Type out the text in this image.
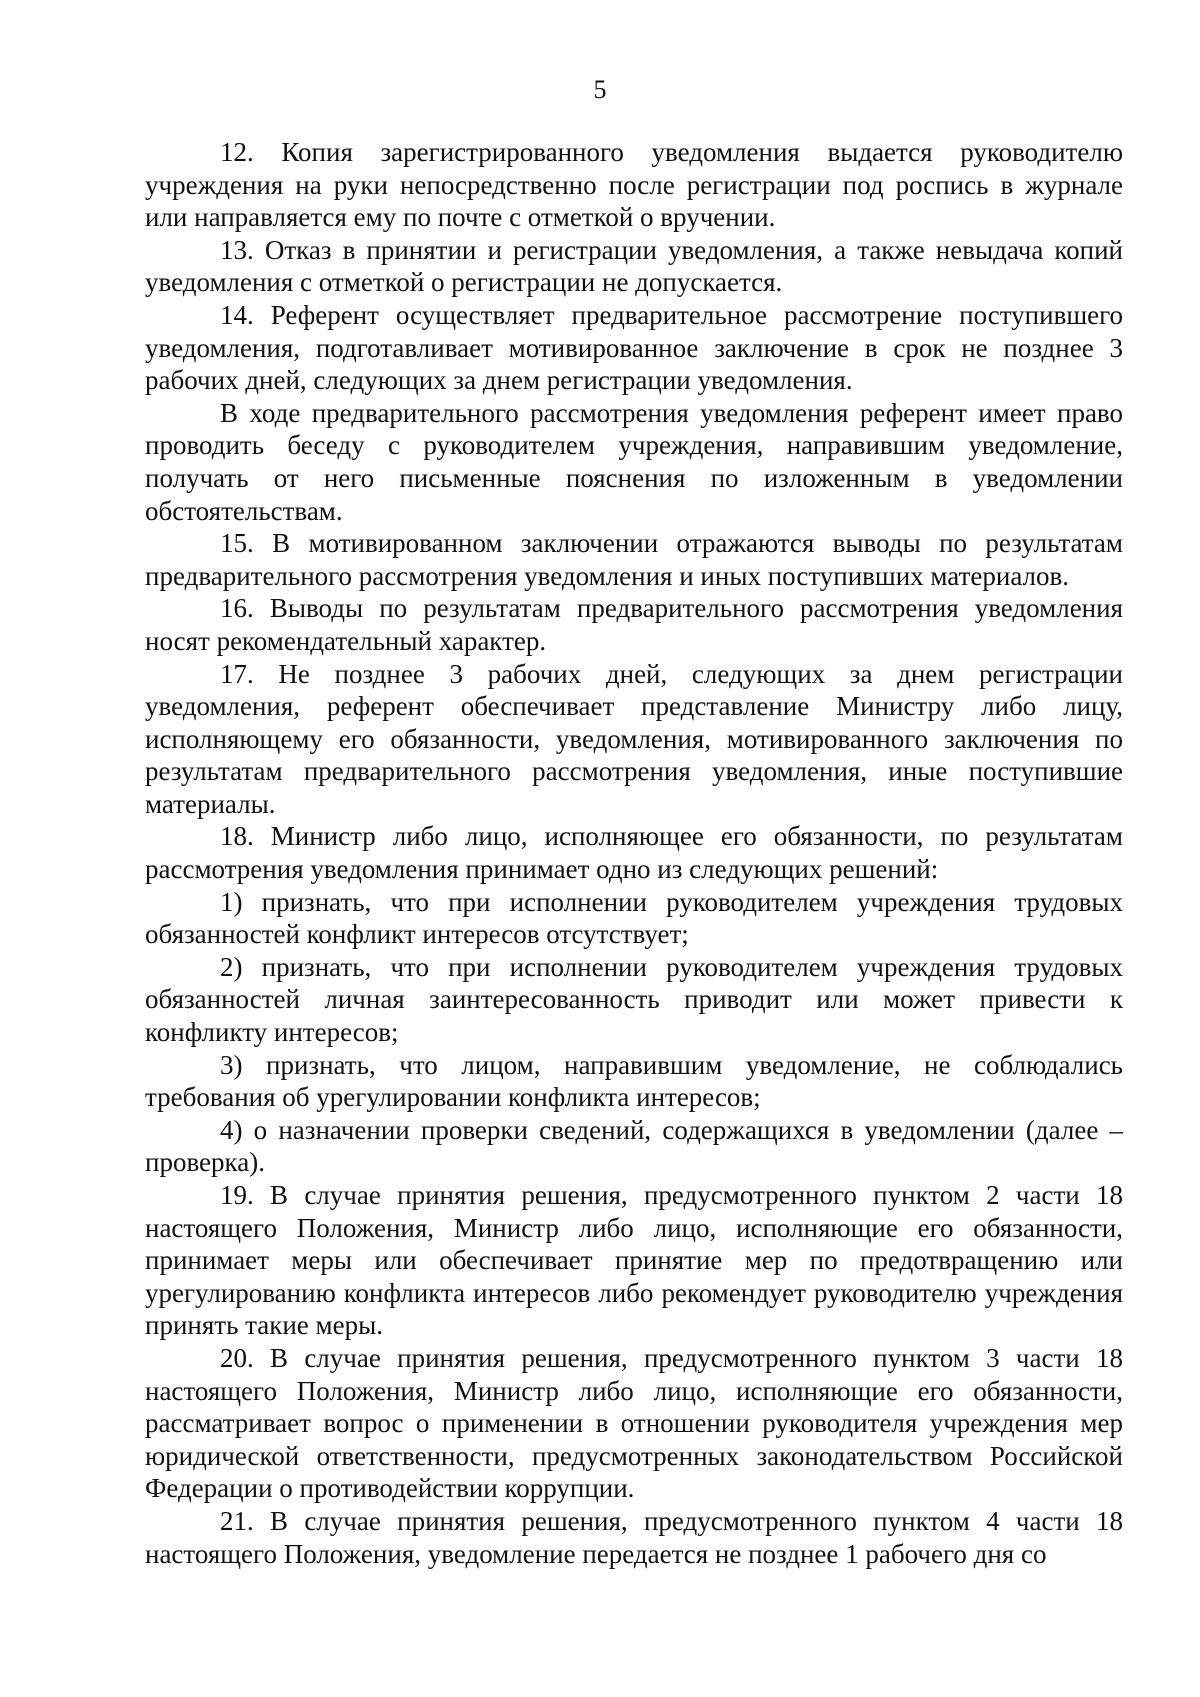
5

12. Копия зарегистрированного уведомления выдается руководителю учреждения на руки непосредственно после регистрации под роспись в журнале или направляется ему по почте с отметкой о вручении.

13. Отказ в принятии и регистрации уведомления, а также невыдача копий уведомления с отметкой о регистрации не допускается.

14. Референт осуществляет предварительное рассмотрение поступившего уведомления, подготавливает мотивированное заключение в срок не позднее 3 рабочих дней, следующих за днем регистрации уведомления.

В ходе предварительного рассмотрения уведомления референт имеет право проводить беседу с руководителем учреждения, направившим уведомление, получать от него письменные пояснения по изложенным в уведомлении обстоятельствам.

15. В мотивированном заключении отражаются выводы по результатам предварительного рассмотрения уведомления и иных поступивших материалов.

16. Выводы по результатам предварительного рассмотрения уведомления носят рекомендательный характер.

17. Не позднее 3 рабочих дней, следующих за днем регистрации уведомления, референт обеспечивает представление Министру либо лицу, исполняющему его обязанности, уведомления, мотивированного заключения по результатам предварительного рассмотрения уведомления, иные поступившие материалы.

18. Министр либо лицо, исполняющее его обязанности, по результатам рассмотрения уведомления принимает одно из следующих решений:

1) признать, что при исполнении руководителем учреждения трудовых обязанностей конфликт интересов отсутствует;

2) признать, что при исполнении руководителем учреждения трудовых обязанностей личная заинтересованность приводит или может привести к конфликту интересов;

3) признать, что лицом, направившим уведомление, не соблюдались требования об урегулировании конфликта интересов;

4) о назначении проверки сведений, содержащихся в уведомлении (далее – проверка).

19. В случае принятия решения, предусмотренного пунктом 2 части 18 настоящего Положения, Министр либо лицо, исполняющие его обязанности, принимает меры или обеспечивает принятие мер по предотвращению или урегулированию конфликта интересов либо рекомендует руководителю учреждения принять такие меры.

20. В случае принятия решения, предусмотренного пунктом 3 части 18 настоящего Положения, Министр либо лицо, исполняющие его обязанности, рассматривает вопрос о применении в отношении руководителя учреждения мер юридической ответственности, предусмотренных законодательством Российской Федерации о противодействии коррупции.

21. В случае принятия решения, предусмотренного пунктом 4 части 18 настоящего Положения, уведомление передается не позднее 1 рабочего дня со
